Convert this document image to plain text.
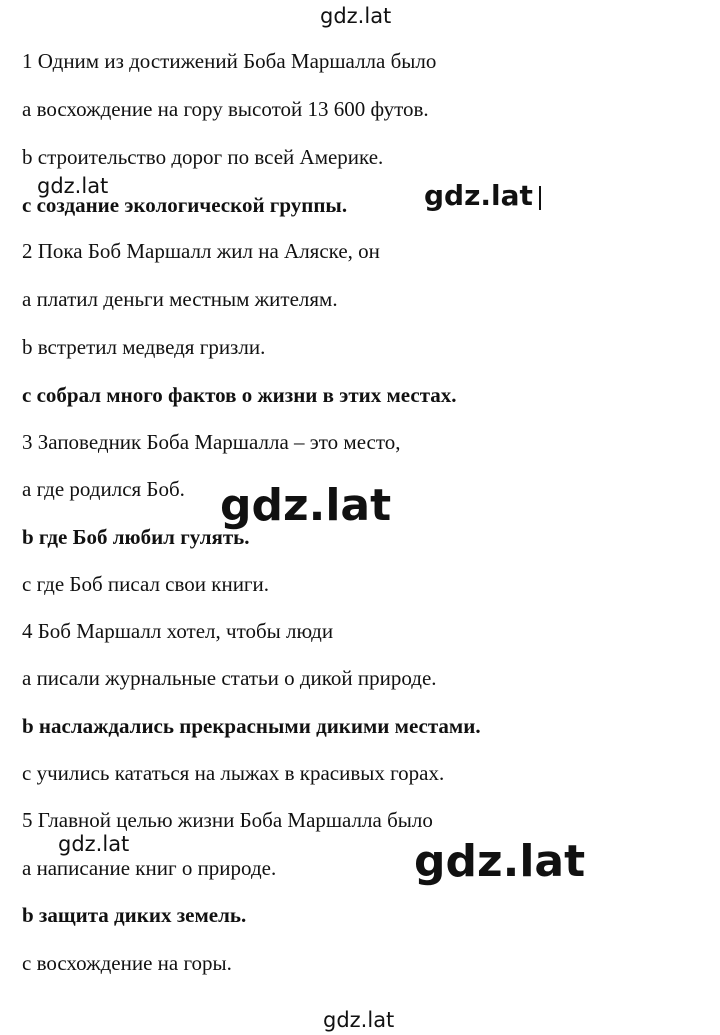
1 Одним из достижений Боба Маршалла было
а восхождение на гору высотой 13 600 футов.
b строительство дорог по всей Америке.
с создание экологической группы.
2 Пока Боб Маршалл жил на Аляске, он
а платил деньги местным жителям.
b встретил медведя гризли.
с собрал много фактов о жизни в этих местах.
3 Заповедник Боба Маршалла – это место,
а где родился Боб.
b где Боб любил гулять.
с где Боб писал свои книги.
4 Боб Маршалл хотел, чтобы люди
а писали журнальные статьи о дикой природе.
b наслаждались прекрасными дикими местами.
с учились кататься на лыжах в красивых горах.
5 Главной целью жизни Боба Маршалла было
а написание книг о природе.
b защита диких земель.
с восхождение на горы.
gdz.lat
gdz.lat	gdz.lat
gdz.lat
gdz.lat	gdz.lat
gdz.lat
